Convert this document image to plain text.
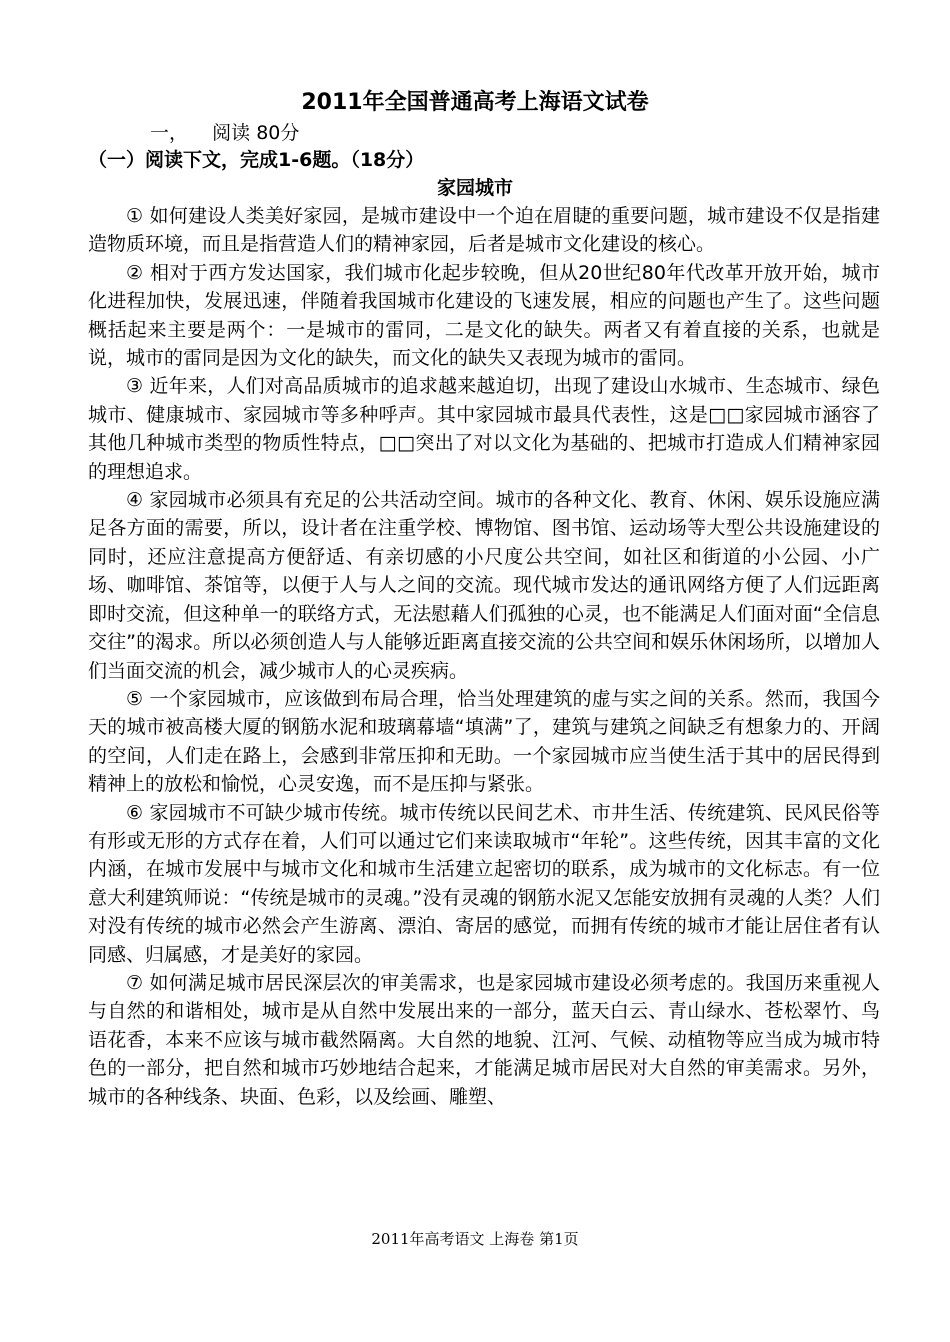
2011年全国普通高考上海语文试卷
一，    阅读 80分
（一）阅读下文，完成1-6题。（18分）
家园城市

① 如何建设人类美好家园，是城市建设中一个迫在眉睫的重要问题，城市建设不仅是指建造物质环境，而且是指营造人们的精神家园，后者是城市文化建设的核心。

② 相对于西方发达国家，我们城市化起步较晚，但从20世纪80年代改革开放开始，城市化进程加快，发展迅速，伴随着我国城市化建设的飞速发展，相应的问题也产生了。这些问题概括起来主要是两个：一是城市的雷同，二是文化的缺失。两者又有着直接的关系，也就是说，城市的雷同是因为文化的缺失，而文化的缺失又表现为城市的雷同。

③ 近年来，人们对高品质城市的追求越来越迫切，出现了建设山水城市、生态城市、绿色城市、健康城市、家园城市等多种呼声。其中家园城市最具代表性，这是□□家园城市涵容了其他几种城市类型的物质性特点，□□突出了对以文化为基础的、把城市打造成人们精神家园的理想追求。

④ 家园城市必须具有充足的公共活动空间。城市的各种文化、教育、休闲、娱乐设施应满足各方面的需要，所以，设计者在注重学校、博物馆、图书馆、运动场等大型公共设施建设的同时，还应注意提高方便舒适、有亲切感的小尺度公共空间，如社区和街道的小公园、小广场、咖啡馆、茶馆等，以便于人与人之间的交流。现代城市发达的通讯网络方便了人们远距离即时交流，但这种单一的联络方式，无法慰藉人们孤独的心灵，也不能满足人们面对面“全信息交往”的渴求。所以必须创造人与人能够近距离直接交流的公共空间和娱乐休闲场所，以增加人们当面交流的机会，减少城市人的心灵疾病。

⑤ 一个家园城市，应该做到布局合理，恰当处理建筑的虚与实之间的关系。然而，我国今天的城市被高楼大厦的钢筋水泥和玻璃幕墙“填满”了，建筑与建筑之间缺乏有想象力的、开阔的空间，人们走在路上，会感到非常压抑和无助。一个家园城市应当使生活于其中的居民得到精神上的放松和愉悦，心灵安逸，而不是压抑与紧张。

⑥ 家园城市不可缺少城市传统。城市传统以民间艺术、市井生活、传统建筑、民风民俗等有形或无形的方式存在着，人们可以通过它们来读取城市“年轮”。这些传统，因其丰富的文化内涵，在城市发展中与城市文化和城市生活建立起密切的联系，成为城市的文化标志。有一位意大利建筑师说：“传统是城市的灵魂。”没有灵魂的钢筋水泥又怎能安放拥有灵魂的人类？人们对没有传统的城市必然会产生游离、漂泊、寄居的感觉，而拥有传统的城市才能让居住者有认同感、归属感，才是美好的家园。

⑦ 如何满足城市居民深层次的审美需求，也是家园城市建设必须考虑的。我国历来重视人与自然的和谐相处，城市是从自然中发展出来的一部分，蓝天白云、青山绿水、苍松翠竹、鸟语花香，本来不应该与城市截然隔离。大自然的地貌、江河、气候、动植物等应当成为城市特色的一部分，把自然和城市巧妙地结合起来，才能满足城市居民对大自然的审美需求。另外，城市的各种线条、块面、色彩，以及绘画、雕塑、

2011年高考语文 上海卷 第1页
